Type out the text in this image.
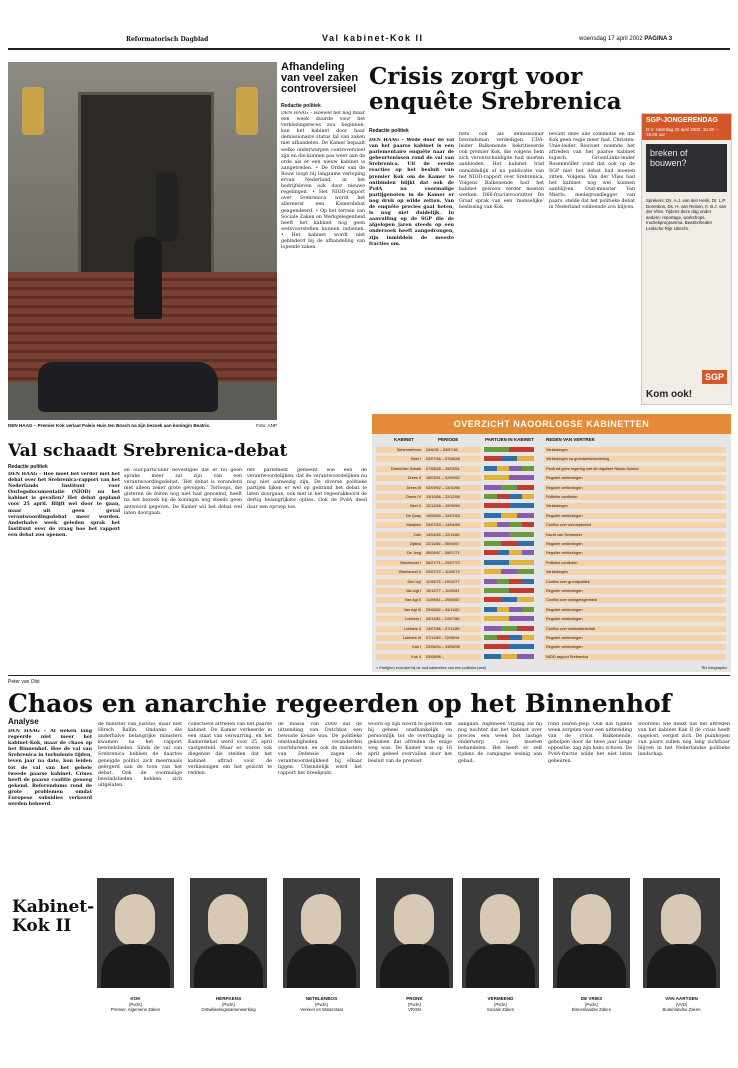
Reformatorisch Dagblad	Val kabinet-Kok II	woensdag 17 april 2002 PAGINA 3
DEN HAAG – Premier Kok verlaat Paleis Huis ten Bosch na zijn bezoek aan koningin Beatrix.	Foto: ANP
Afhandeling van veel zaken controversieel
Redactie politiek
DEN HAAG – Hoewel het nog maar een week duurde voor het verkiezingsreces zou beginnen, kan het kabinet door haar demissionaire status tal van zaken niet afhandelen. De Kamer bepaalt welke onderwerpen controversieel zijn en die kunnen pas weer aan de orde als er een nieuw kabinet is aangetreden. • De Order van de Bouw loopt bij langzame verloping ervan Nederland, in het bedrijfsleven ook door nieuwe regelingen. • Het NIOD-rapport over Srebrenica wordt het allereerst een Kamerdebat geagendeerd. • Op het terrein van Sociale Zaken en Werkgelegenheid heeft het kabinet nog geen wetsvoorstellen kunnen indienen. • Het kabinet wordt niet gehinderd bij de afhandeling van lopende zaken.
Crisis zorgt voor enquête Srebrenica
Redactie politiek
DEN HAAG – Wede door de val van het paarse kabinet is een parlementaire enquête naar de gebeurtenissen rond de val van Srebrenica. Uit de eerste reacties op het besluit van premier Kok om de Kamer te ontbinden blijkt dat ook de PvdA na voormalige partijgenoten in de Kamer er nog druk op wilde zetten. Van de enquête precies gaat heten, is nog niet duidelijk. In aanvulling op de SGP die de afgelopen jaren steeds op een onderzoek heeft aangedrongen, zijn inmiddels de meeste fracties om.
fiets ook als demissionair bewindsman verdedigen. CDA-leider Balkenende bekritiseerde ook premier Kok, die volgens hem zich verontschuldigde had moeten aanbieden. Het kabinet trad onmiddellijk af na publicatie van het NIOD-rapport over Srebrenica. Volgens Balkenende had het kabinet gewoon verder moeten werken. D66-fractievoorzitter De Graaf sprak van een ‘menselijke’ beslissing van Kok.
bevant deze alle commotie en dat Kok geen regie meer had. Christen-Unie-leider Rouvoet noemde het aftreden van het paarse kabinet logisch. GroenLinks-leider Rosenmöller vond dat ook op de SGP niet het debat had moeten zitten. Volgens Van der Vlies had het kabinet nog wel kunnen aanblijven. Oud-minister Van Mierlo, medegrondlegger van paars, stelde dat het politieke debat in Nederland voldoende zou blijven.
SGP-JONGERENDAG
D.V. zaterdag 20 april 2002, 10.00 – 16.00 uur
breken of bouwen?
Sprekers: Ds. A.J. van den Herik, Dr. L.P. Dorenbos, Ds. H. van Reisen, Ir. B.J. van der Vlies. Tijdens deze dag onder andere: reportage, workshops, muziekprogramma. Beatrixtheater Leidsche Rijn Utrecht.
SGP
Kom ook!
Val schaadt Srebrenica-debat
Redactie politiek
DEN HAAG – Hoe moet het verder met het debat over het Srebrenica-rapport van het Nederlands Instituut voor Oorlogsdocumentatie (NIOD) nu het kabinet is gevallen? Het debat gepland voor 25 april. Blijft wel door te gaan, maar uit geen geval verantwoordingsdebat meer worden. Anderhalve week geleden sprak het Instituut over de vraag hoe het rapport een debat zou openen.
en oud-particulier bevestigde dat er nu geen sprake meer zal zijn van een verantwoordingsdebat. ‘Het debat is veranderd met alleen zeker grote gevolgen.’ Terloops, die gisteren de feiten nog niet had genoemd, heeft na het bezoek bij de koningin nog steeds geen antwoord gegeven. De Kamer wil het debat wel laten doorgaan.
het parlement gemeent wie een de verantwoordelijken, dat de verantwoordelijken nu nog niet aanwezig zijn. De diverse politieke partijen lijken er wel op gebrand het debat te laten doorgaan, ook met in het regeerakkoord de dertig belangrijkste opties. Ook de PvdA deed daar een oproep toe.
OVERZICHT NAOORLOGSE KABINETTEN
KABINET	PERIODE	PARTIJEN IN KABINET	REDEN VAN VERTREK
Schermerhorn	24/6/45 – 03/07/46	Verkiezingen
Beel I	03/07/46 – 07/08/48	Verkiezingen na grondwetsherziening
Drees/Van Schaik	07/08/48 – 15/03/51	PvdA wil geen regering met de reguliere Nieuw-Guinea
Drees II	15/03/51 – 02/09/52	Regulier verkiezingen
Drees III	02/09/52 – 13/10/56	Regulier verkiezingen
Drees IV	13/10/56 – 22/12/58	Politieke conflicten
Beel II	22/12/58 – 19/05/59	Verkiezingen
De Quay	19/05/59 – 24/07/63	Regulier verkiezingen
Marijnen	24/07/63 – 14/04/65	Conflict over omroepbeleid
Cals	14/04/65 – 22/11/66	Nacht van Schmelzer
Zijlstra	22/11/66 – 05/04/67	Regulier verkiezingen
De Jong	05/04/67 – 06/07/71	Regulier verkiezingen
Biesheuvel I	06/07/71 – 20/07/72	Politieke conflicten
Biesheuvel II	20/07/72 – 11/05/73	Verkiezingen
Den Uyl	11/05/73 – 19/12/77	Conflict over grondpolitiek
Van Agt I	19/12/77 – 11/09/81	Regulier verkiezingen
Van Agt II	11/09/81 – 29/05/82	Conflict over werkgelegenheid
Van Agt III	29/05/82 – 04/11/82	Regulier verkiezingen
Lubbers I	04/11/82 – 14/07/86	Regulier verkiezingen
Lubbers II	14/07/86 – 07/11/89	Conflict over reiskostenforfait
Lubbers III	07/11/89 – 22/08/94	Regulier verkiezingen
Kok I	22/08/94 – 03/08/98	Regulier verkiezingen
Kok II	03/08/98 –	NIOD-rapport Srebrenica
= Partij(en) exclusief bij de oud-kabinetten van een politieke partij	RD Infographic
Chaos en anarchie regeerden op het Binnenhof
Peter van Olst
Analyse
DEN HAAG – Al weken lang regeerde niet meer het kabinet-Kok, maar de chaos op het Binnenhof. Hoe de val van Srebrenica in turbulente tijden, leven jaar na dato, kon leiden tot de val van het gehele tweede paarse kabinet. Crises heeft de paarse coalitie genoeg gekend. Referendums rond de grote problemen omdat Europese subsidies verkeerd werden beheerd.
de minister van Justitie, maar niet Hirsch Ballin. Ondanks die anderhalve belangrijke ministers kwamen na het rapport bewindslieden. Sinds de val van Srebrenica hebben de daartoe geneigde politici zich meermaals geërgerd aan de toon van het debat. Ook de voormalige bewindslieden hebben zich uitgelaten.
collectieve aftreden van het paarse kabinet. De Kamer verkeerde in een staat van verwarring, en het Kamerdebat werd voor 25 april vastgesteld. Maar er waren ook diegenen die stelden dat het kabinet aftrad voor de verkiezingen om het gezicht te redden.
de massa van 2000 dat de uitzending van Dutchbat een bewuste keuze was. De politieke omstandigheden veranderden voortdurend, en ook de ministers van Defensie zagen de verantwoordelijkheid bij elkaar liggen. Uiteindelijk werd het rapport het breekpunt.
woord op zijn woord te geloven dat hij geheel onafhankelijk en persoonlijk tot de overtuiging is gekomen dat aftreden de enige weg was. De Kamer was op 16 april geheel overvallen door het besluit van de premier.
aangaan. Algemeen vrijdag zal hij nog nochter dat het kabinet over precies een week het lastige onderwerp zou moeten behandelen. Het heeft er zelf tijdens de campagne weinig aan gehad.
rond Haren-Jeep. Ook dat tijdens week zorgden voor een uitbreiding van de crisis. Balkenende, geholpen door de twee jaar lange oppositie, zag zijn kans schoon. De PvdA-fractie wilde het niet laten gebeuren.
woorden: wie denkt dat het aftreden van het kabinet Kok II de crisis heeft opgelost, vergist zich. De puinhopen van paars zullen nog lang zichtbaar blijven in het Nederlandse politieke landschap.
Kabinet-Kok II
KOK
(PvdA)
Premier, Algemene Zaken
HERFKENS
(PvdA)
Ontwikkelingssamenwerking
NETELENBOS
(PvdA)
Verkeer en Waterstaat
PRONK
(PvdA)
VROM
VERMEEND
(PvdA)
Sociale Zaken
DE VRIES
(PvdA)
Binnenlandse Zaken
VAN AARTSEN
(VVD)
Buitenlandse Zaken
